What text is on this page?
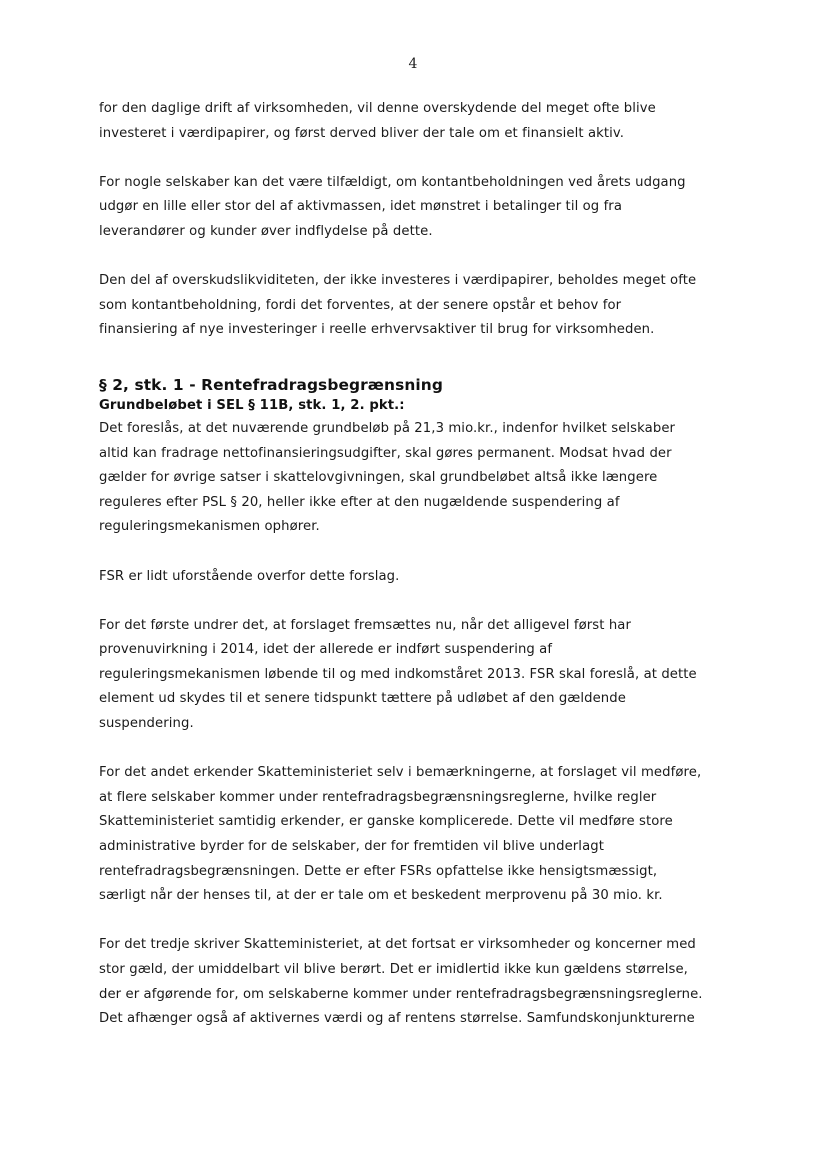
4
for den daglige drift af virksomheden, vil denne overskydende del meget ofte blive
investeret i værdipapirer, og først derved bliver der tale om et finansielt aktiv.
For nogle selskaber kan det være tilfældigt, om kontantbeholdningen ved årets udgang
udgør en lille eller stor del af aktivmassen, idet mønstret i betalinger til og fra
leverandører og kunder øver indflydelse på dette.
Den del af overskudslikviditeten, der ikke investeres i værdipapirer, beholdes meget ofte
som kontantbeholdning, fordi det forventes, at der senere opstår et behov for
finansiering af nye investeringer i reelle erhvervsaktiver til brug for virksomheden.
§ 2, stk. 1 - Rentefradragsbegrænsning
Grundbeløbet i SEL § 11B, stk. 1, 2. pkt.:
Det foreslås, at det nuværende grundbeløb på 21,3 mio.kr., indenfor hvilket selskaber
altid kan fradrage nettofinansieringsudgifter, skal gøres permanent. Modsat hvad der
gælder for øvrige satser i skattelovgivningen, skal grundbeløbet altså ikke længere
reguleres efter PSL § 20, heller ikke efter at den nugældende suspendering af
reguleringsmekanismen ophører.
FSR er lidt uforstående overfor dette forslag.
For det første undrer det, at forslaget fremsættes nu, når det alligevel først har
provenuvirkning i 2014, idet der allerede er indført suspendering af
reguleringsmekanismen løbende til og med indkomståret 2013. FSR skal foreslå, at dette
element ud skydes til et senere tidspunkt tættere på udløbet af den gældende
suspendering.
For det andet erkender Skatteministeriet selv i bemærkningerne, at forslaget vil medføre,
at flere selskaber kommer under rentefradragsbegrænsningsreglerne, hvilke regler
Skatteministeriet samtidig erkender, er ganske komplicerede. Dette vil medføre store
administrative byrder for de selskaber, der for fremtiden vil blive underlagt
rentefradragsbegrænsningen. Dette er efter FSRs opfattelse ikke hensigtsmæssigt,
særligt når der henses til, at der er tale om et beskedent merprovenu på 30 mio. kr.
For det tredje skriver Skatteministeriet, at det fortsat er virksomheder og koncerner med
stor gæld, der umiddelbart vil blive berørt. Det er imidlertid ikke kun gældens størrelse,
der er afgørende for, om selskaberne kommer under rentefradragsbegrænsningsreglerne.
Det afhænger også af aktivernes værdi og af rentens størrelse. Samfundskonjunkturerne
